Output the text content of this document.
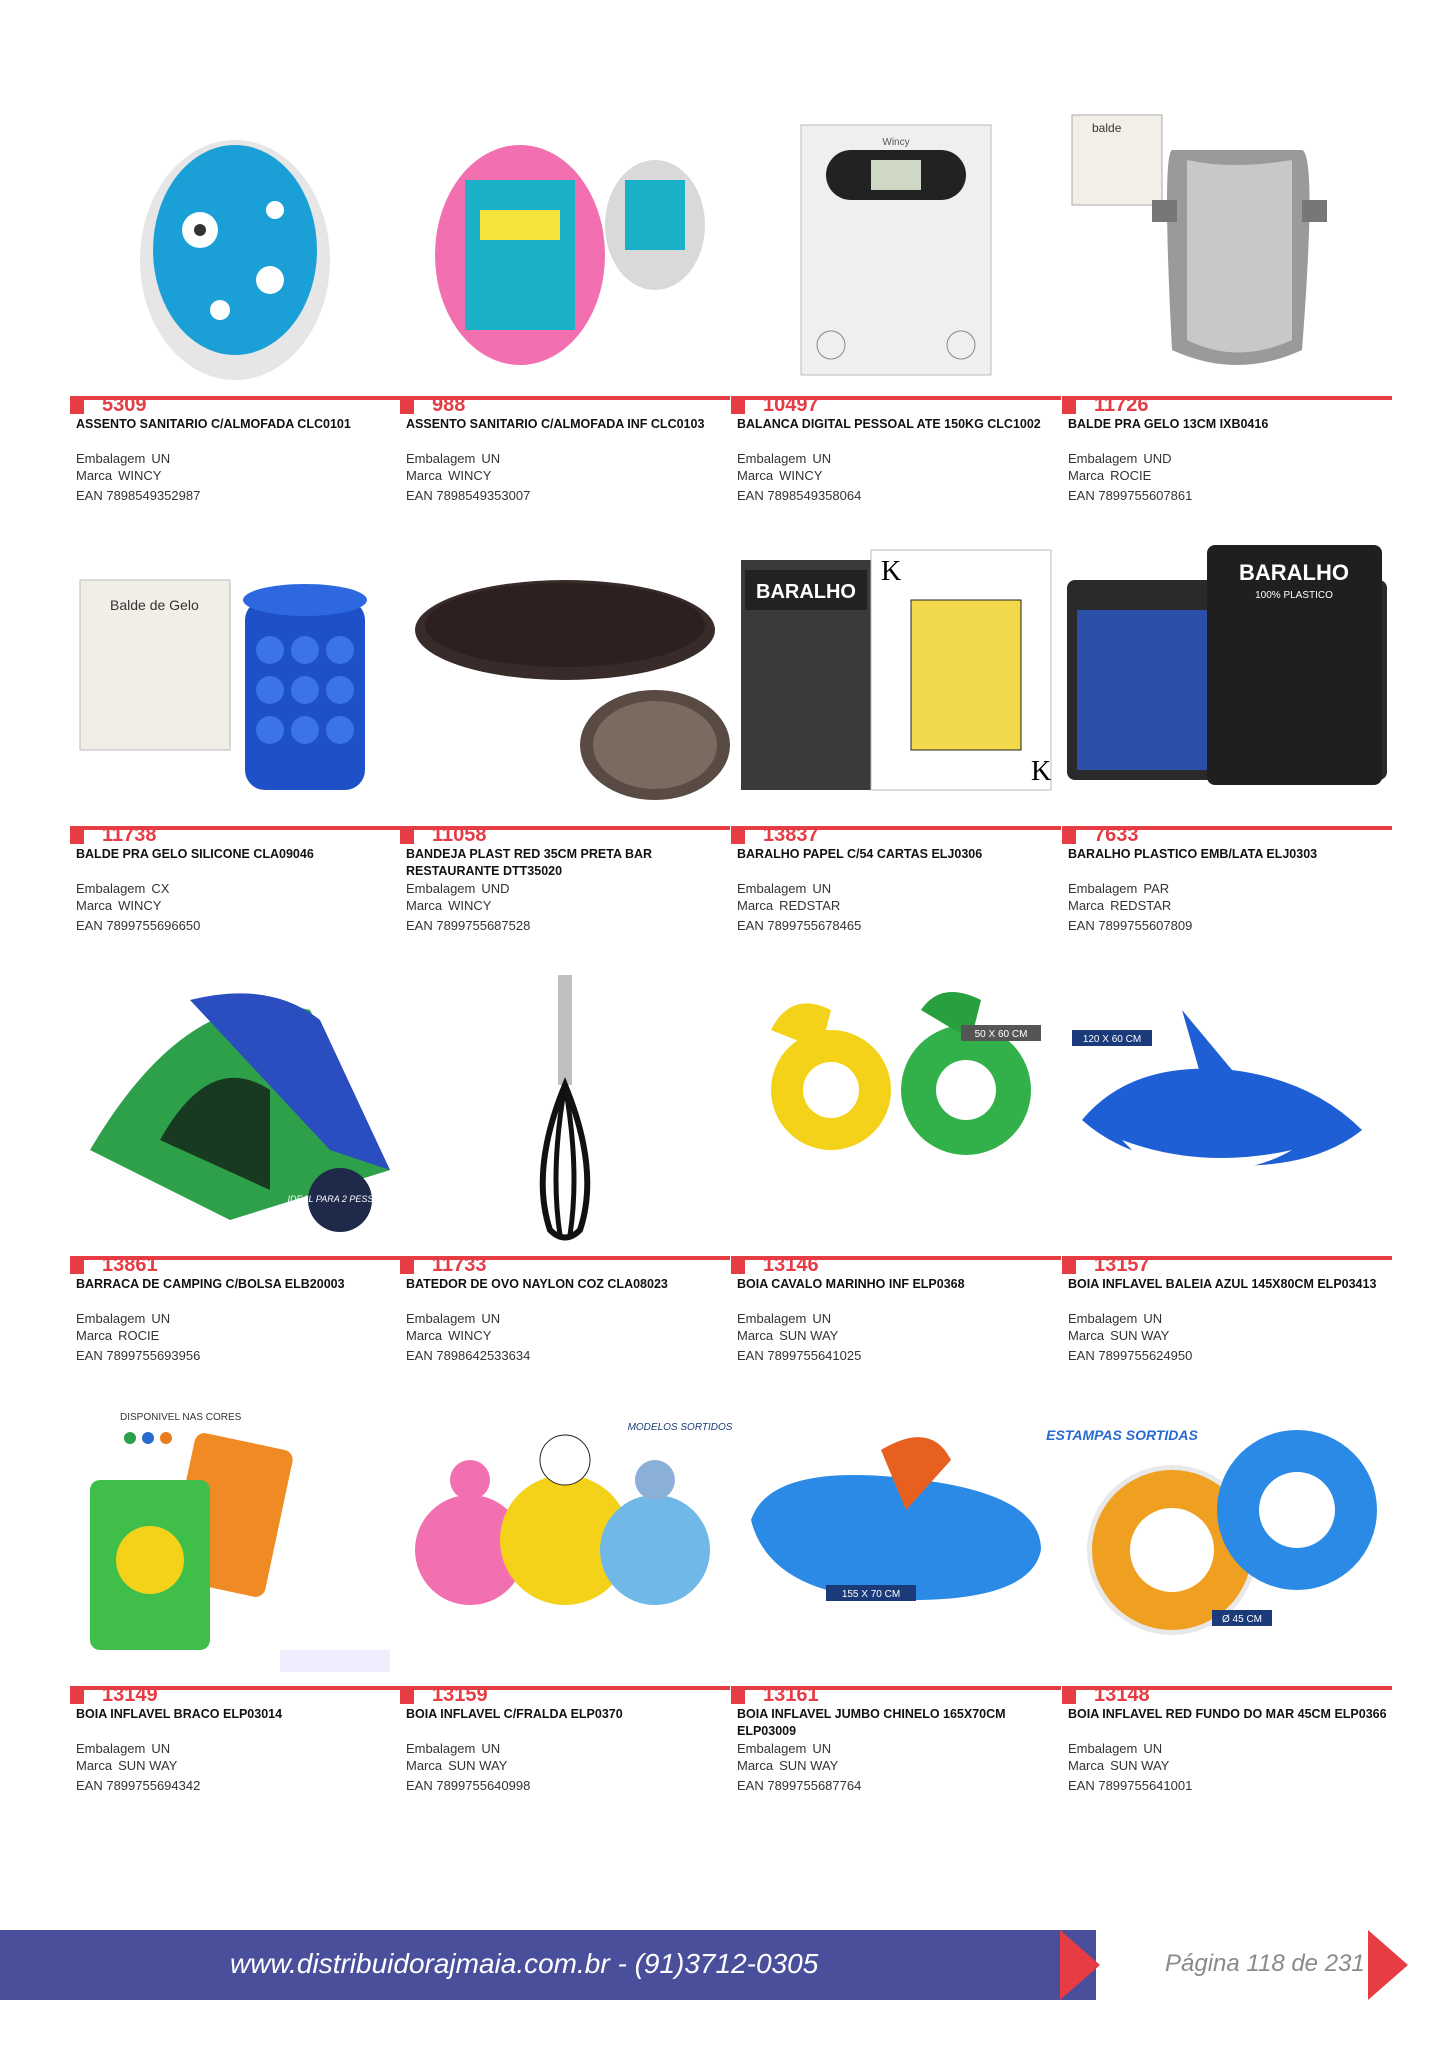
5309
ASSENTO SANITARIO C/ALMOFADA CLC0101
Embalagem UN
Marca WINCY
EAN 7898549352987
988
ASSENTO SANITARIO C/ALMOFADA INF CLC0103
Embalagem UN
Marca WINCY
EAN 7898549353007
Wincy
10497
BALANCA DIGITAL PESSOAL ATE 150KG CLC1002
Embalagem UN
Marca WINCY
EAN 7898549358064
balde
11726
BALDE PRA GELO 13CM IXB0416
Embalagem UND
Marca ROCIE
EAN 7899755607861
Balde de Gelo
11738
BALDE PRA GELO SILICONE CLA09046
Embalagem CX
Marca WINCY
EAN 7899755696650
11058
BANDEJA PLAST RED 35CM PRETA BAR RESTAURANTE DTT35020
Embalagem UND
Marca WINCY
EAN 7899755687528
BARALHO
K
K
13837
BARALHO PAPEL C/54 CARTAS ELJ0306
Embalagem UN
Marca REDSTAR
EAN 7899755678465
BARALHO
100% PLASTICO
7633
BARALHO PLASTICO EMB/LATA ELJ0303
Embalagem PAR
Marca REDSTAR
EAN 7899755607809
IDEAL PARA 2 PESSOAS
13861
BARRACA DE CAMPING C/BOLSA ELB20003
Embalagem UN
Marca ROCIE
EAN 7899755693956
11733
BATEDOR DE OVO NAYLON COZ CLA08023
Embalagem UN
Marca WINCY
EAN 7898642533634
50 X 60 CM
13146
BOIA CAVALO MARINHO INF ELP0368
Embalagem UN
Marca SUN WAY
EAN 7899755641025
120 X 60 CM
13157
BOIA INFLAVEL BALEIA AZUL 145X80CM ELP03413
Embalagem UN
Marca SUN WAY
EAN 7899755624950
DISPONIVEL NAS CORES
13149
BOIA INFLAVEL BRACO ELP03014
Embalagem UN
Marca SUN WAY
EAN 7899755694342
MODELOS SORTIDOS
13159
BOIA INFLAVEL C/FRALDA ELP0370
Embalagem UN
Marca SUN WAY
EAN 7899755640998
155 X 70 CM
13161
BOIA INFLAVEL JUMBO CHINELO 165X70CM ELP03009
Embalagem UN
Marca SUN WAY
EAN 7899755687764
ESTAMPAS SORTIDAS
Ø 45 CM
13148
BOIA INFLAVEL RED FUNDO DO MAR 45CM ELP0366
Embalagem UN
Marca SUN WAY
EAN 7899755641001
www.distribuidorajmaia.com.br - (91)3712-0305	Página 118 de 231
